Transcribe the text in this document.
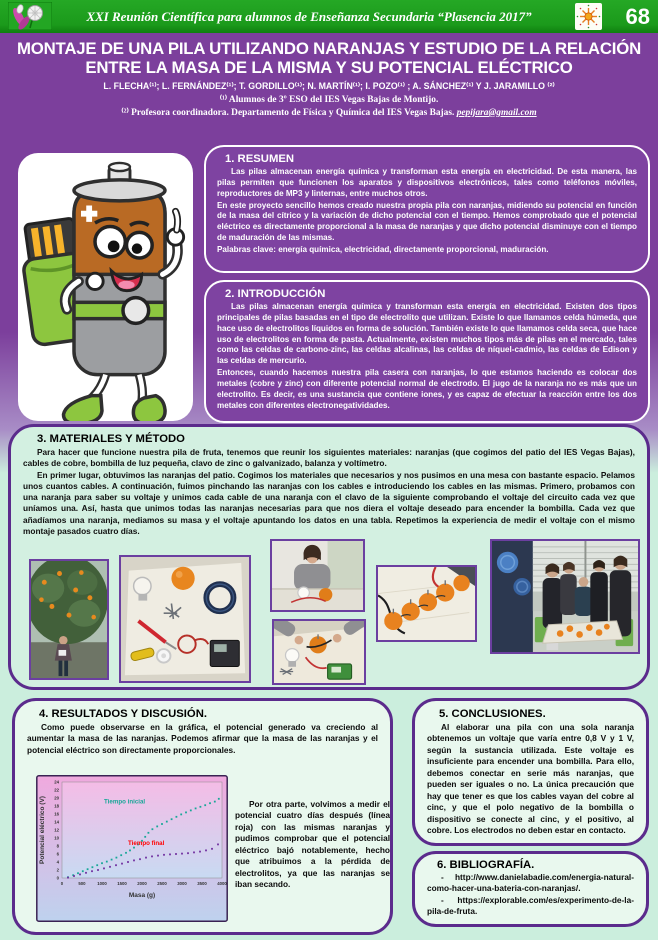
XXI Reunión Científica para alumnos de Enseñanza Secundaria “Plasencia 2017”	68
MONTAJE DE UNA PILA UTILIZANDO NARANJAS Y ESTUDIO DE LA RELACIÓN ENTRE LA MASA DE LA MISMA Y SU POTENCIAL ELÉCTRICO
L. FLECHA⁽¹⁾; L. FERNÁNDEZ⁽¹⁾; T. GORDILLO⁽¹⁾; N. MARTÍN⁽¹⁾; I. POZO⁽¹⁾ ; A. SÁNCHEZ⁽¹⁾ Y J. JARAMILLO ⁽²⁾
⁽¹⁾ Alumnos de 3º ESO del IES Vegas Bajas de Montijo.
⁽²⁾ Profesora coordinadora. Departamento de Física y Química del IES Vegas Bajas. pepijara@gmail.com
1. RESUMEN

Las pilas almacenan energía química y transforman esta energía en electricidad. De esta manera, las pilas permiten que funcionen los aparatos y dispositivos electrónicos, tales como teléfonos móviles, reproductores de MP3 y linternas, entre muchos otros.

En este proyecto sencillo hemos creado nuestra propia pila con naranjas, midiendo su potencial en función de la masa del cítrico y la variación de dicho potencial con el tiempo. Hemos comprobado que el potencial eléctrico es directamente proporcional a la masa de naranjas y que dicho potencial disminuye con el tiempo de maduración de las mismas.

Palabras clave: energía química, electricidad, directamente proporcional, maduración.

2. INTRODUCCIÓN

Las pilas almacenan energía química y transforman esta energía en electricidad. Existen dos tipos principales de pilas basadas en el tipo de electrolito que utilizan. Existe lo que llamamos celda húmeda, que hace uso de electrolitos líquidos en forma de solución. También existe lo que llamamos celda seca, que hace uso de electrolitos en forma de pasta. Actualmente, existen muchos tipos más de pilas en el mercado, tales como las celdas de carbono-zinc, las celdas alcalinas, las celdas de níquel-cadmio, las celdas de Edison y las celdas de mercurio.

Entonces, cuando hacemos nuestra pila casera con naranjas, lo que estamos haciendo es colocar dos metales (cobre y zinc) con diferente potencial normal de electrodo. El jugo de la naranja no es más que un electrolito. Es decir, es una sustancia que contiene iones, y es capaz de efectuar la reacción entre los dos metales con diferentes electronegatividades.

3. MATERIALES Y MÉTODO

Para hacer que funcione nuestra pila de fruta, tenemos que reunir los siguientes materiales: naranjas (que cogimos del patio del IES Vegas Bajas), cables de cobre, bombilla de luz pequeña, clavo de zinc o galvanizado, balanza y voltímetro.

En primer lugar, obtuvimos las naranjas del patio. Cogimos los materiales que necesarios y nos pusimos en una mesa con bastante espacio. Pelamos unos cuantos cables. A continuación, fuimos pinchando las naranjas con los cables e introduciendo los cables en las mismas. Primero, probamos con una naranja para saber su voltaje y unimos cada cable de una naranja con el clavo de la siguiente comprobando el voltaje del circuito cada vez que uníamos una. Así, hasta que unimos todas las naranjas necesarias para que nos diera el voltaje deseado para encender la bombilla. Cada vez que añadíamos una naranja, mediamos su masa y el voltaje apuntando los datos en una tabla. Repetimos la experiencia de medir el voltaje con el mismo montaje pasados cuatro días.

4. RESULTADOS Y DISCUSIÓN.

Como puede observarse en la gráfica, el potencial generado va creciendo al aumentar la masa de las naranjas. Podemos afirmar que la masa de las naranjas y el potencial eléctrico son directamente proporcionales.

0	500	1000 1500 2000 2500 3000 3500 4000
0
2
4
6
8
10
12
14
16
18
20
22
24
Tiempo inicial
Tiempo final
Masa (g)
Potencial eléctrico (V)	Por otra parte, volvimos a medir el potencial cuatro días después (línea roja) con las mismas naranjas y pudimos comprobar que el potencial eléctrico bajó notablemente, hecho que atribuimos a la pérdida de electrolitos, ya que las naranjas se iban secando.

5. CONCLUSIONES.

Al elaborar una pila con una sola naranja obtenemos un voltaje que varía entre 0,8 V y 1 V, según la sustancia utilizada. Este voltaje es insuficiente para encender una bombilla. Para ello, debemos conectar en serie más naranjas, que pueden ser iguales o no. La única precaución que hay que tener es que los cables vayan del cobre al cinc, y que el polo negativo de la bombilla o dispositivo se conecte al cinc, y el positivo, al cobre. Los electrodos no deben estar en contacto.

6. BIBLIOGRAFÍA.

- http://www.danielabadie.com/energia-natural-como-hacer-una-bateria-con-naranjas/.

- https://explorable.com/es/experimento-de-la-pila-de-fruta.
